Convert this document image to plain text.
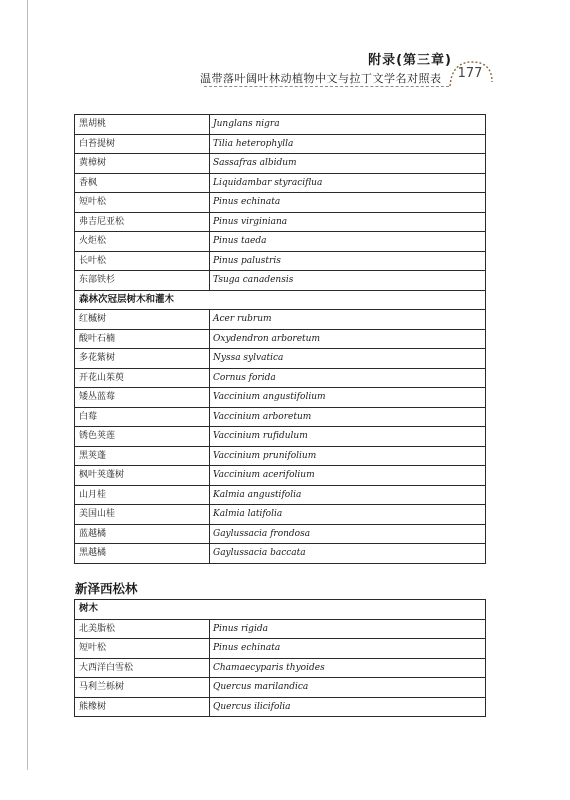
附录(第三章)
温带落叶阔叶林动植物中文与拉丁文学名对照表	177
黑胡桃	Junglans nigra
白苔提树	Tilia heterophylla
黄樟树	Sassafras albidum
香枫	Liquidambar styraciflua
短叶松	Pinus echinata
弗吉尼亚松	Pinus virginiana
火炬松	Pinus taeda
长叶松	Pinus palustris
东部铁杉	Tsuga canadensis
森林次冠层树木和灌木	
红槭树	Acer rubrum
酸叶石楠	Oxydendron arboretum
多花紫树	Nyssa sylvatica
开花山茱萸	Cornus forida
矮丛蓝莓	Vaccinium angustifolium
白莓	Vaccinium arboretum
锈色荚莲	Vaccinium rufidulum
黑荚蓬	Vaccinium prunifolium
枫叶荚蓬树	Vaccinium acerifolium
山月桂	Kalmia angustifolia
美国山桂	Kalmia latifolia
蓝越橘	Gaylussacia frondosa
黑越橘	Gaylussacia baccata
新泽西松林
树木	
北美脂松	Pinus rigida
短叶松	Pinus echinata
大西洋白雪松	Chamaecyparis thyoides
马利兰栎树	Quercus marilandica
熊橡树	Quercus ilicifolia
